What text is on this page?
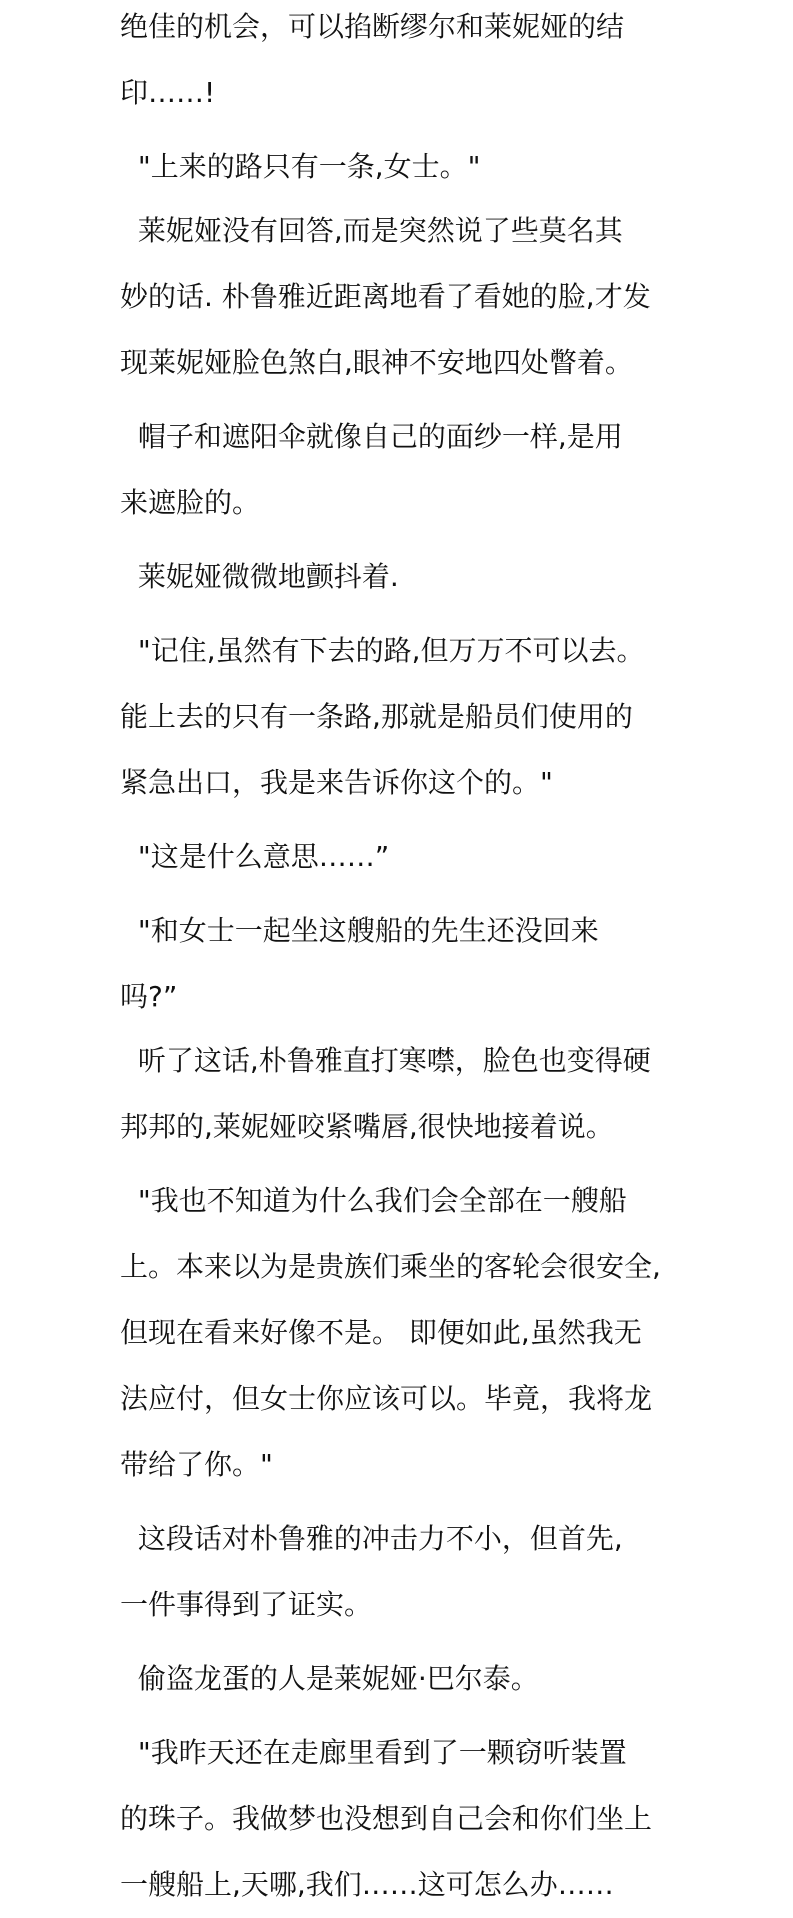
绝佳的机会，可以掐断缪尔和莱妮娅的结
印……!

"上来的路只有一条,女士。"

莱妮娅没有回答,而是突然说了些莫名其
妙的话. 朴鲁雅近距离地看了看她的脸,才发
现莱妮娅脸色煞白,眼神不安地四处瞥着。

帽子和遮阳伞就像自己的面纱一样,是用
来遮脸的。

莱妮娅微微地颤抖着.

"记住,虽然有下去的路,但万万不可以去。
能上去的只有一条路,那就是船员们使用的
紧急出口，我是来告诉你这个的。"

"这是什么意思……”

"和女士一起坐这艘船的先生还没回来
吗?”

听了这话,朴鲁雅直打寒噤，脸色也变得硬
邦邦的,莱妮娅咬紧嘴唇,很快地接着说。

"我也不知道为什么我们会全部在一艘船
上。本来以为是贵族们乘坐的客轮会很安全,
但现在看来好像不是。 即便如此,虽然我无
法应付，但女士你应该可以。毕竟，我将龙
带给了你。"

这段话对朴鲁雅的冲击力不小，但首先,
一件事得到了证实。

偷盗龙蛋的人是莱妮娅·巴尔泰。

"我昨天还在走廊里看到了一颗窃听装置
的珠子。我做梦也没想到自己会和你们坐上
一艘船上,天哪,我们……这可怎么办……
